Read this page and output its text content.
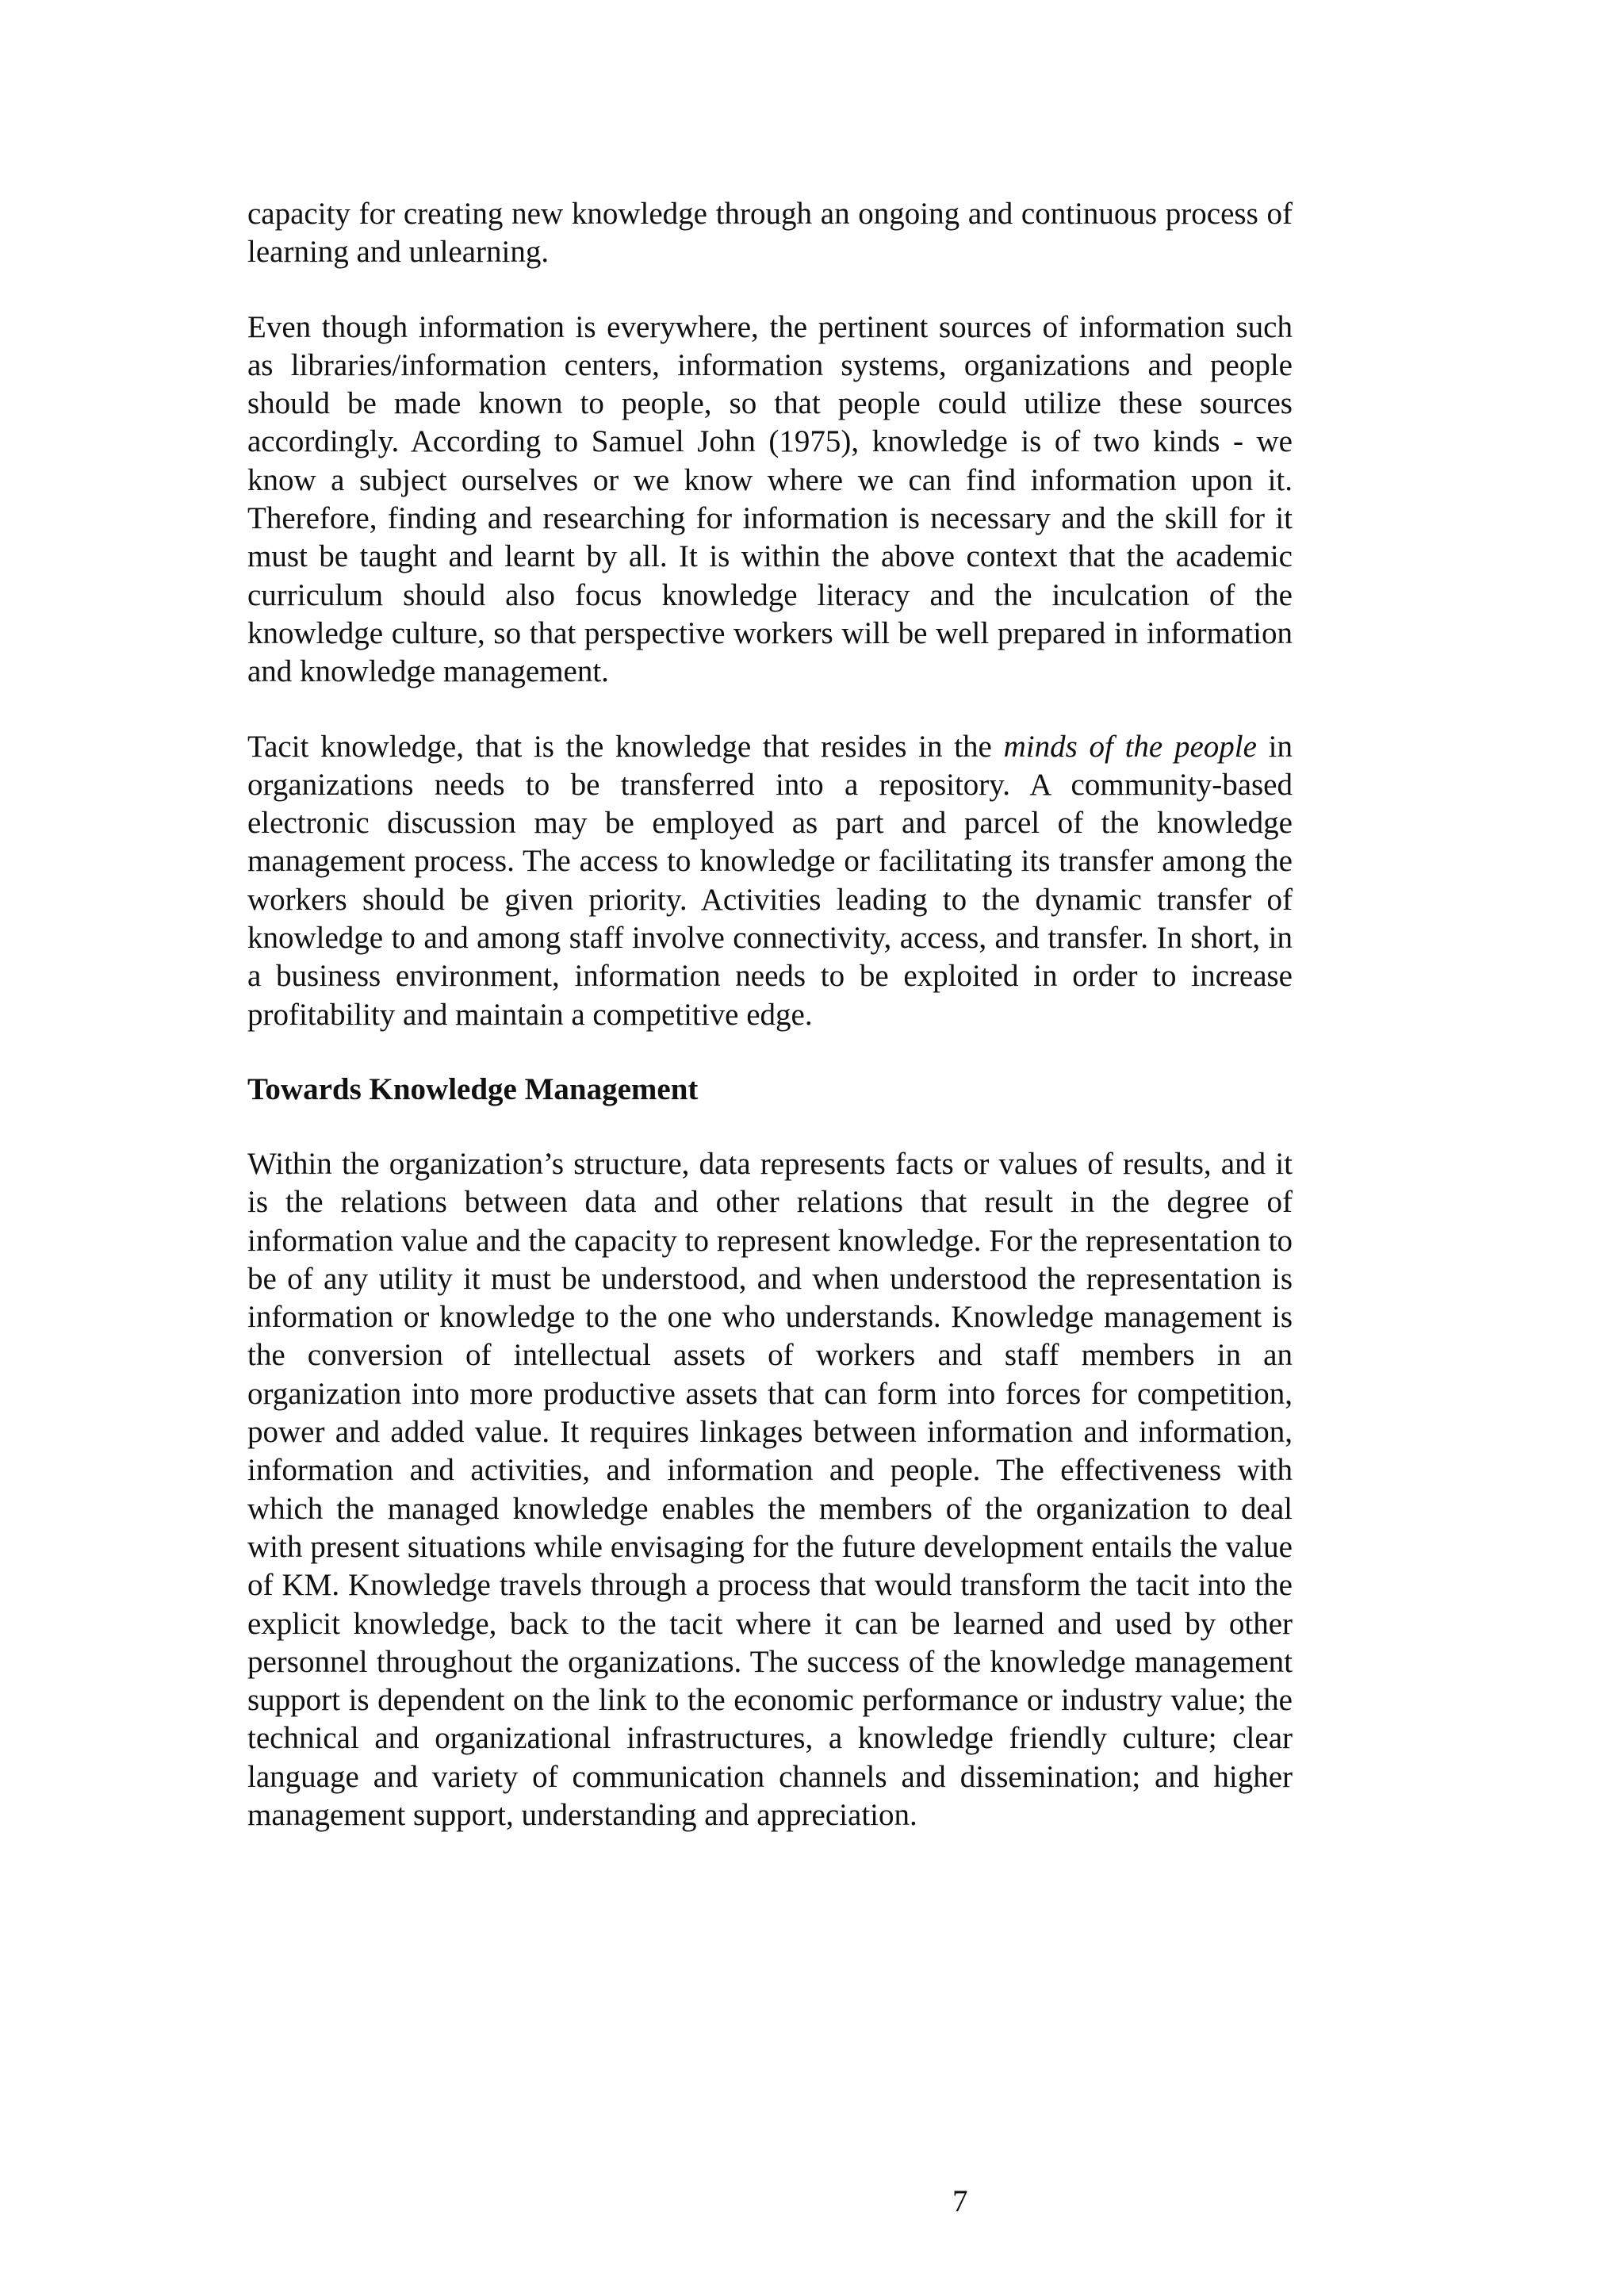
capacity for creating new knowledge through an ongoing and continuous process of learning and unlearning.

Even though information is everywhere, the pertinent sources of information such as libraries/information centers, information systems, organizations and people should be made known to people, so that people could utilize these sources accordingly. According to Samuel John (1975), knowledge is of two kinds - we know a subject ourselves or we know where we can find information upon it. Therefore, finding and researching for information is necessary and the skill for it must be taught and learnt by all. It is within the above context that the academic curriculum should also focus knowledge literacy and the inculcation of the knowledge culture, so that perspective workers will be well prepared in information and knowledge management.

Tacit knowledge, that is the knowledge that resides in the minds of the people in organizations needs to be transferred into a repository. A community-based electronic discussion may be employed as part and parcel of the knowledge management process. The access to knowledge or facilitating its transfer among the workers should be given priority. Activities leading to the dynamic transfer of knowledge to and among staff involve connectivity, access, and transfer. In short, in a business environment, information needs to be exploited in order to increase profitability and maintain a competitive edge.

Towards Knowledge Management

Within the organization’s structure, data represents facts or values of results, and it is the relations between data and other relations that result in the degree of information value and the capacity to represent knowledge. For the representation to be of any utility it must be understood, and when understood the representation is information or knowledge to the one who understands. Knowledge management is the conversion of intellectual assets of workers and staff members in an organization into more productive assets that can form into forces for competition, power and added value. It requires linkages between information and information, information and activities, and information and people. The effectiveness with which the managed knowledge enables the members of the organization to deal with present situations while envisaging for the future development entails the value of KM. Knowledge travels through a process that would transform the tacit into the explicit knowledge, back to the tacit where it can be learned and used by other personnel throughout the organizations. The success of the knowledge management support is dependent on the link to the economic performance or industry value; the technical and organizational infrastructures, a knowledge friendly culture; clear language and variety of communication channels and dissemination; and higher management support, understanding and appreciation.

7
